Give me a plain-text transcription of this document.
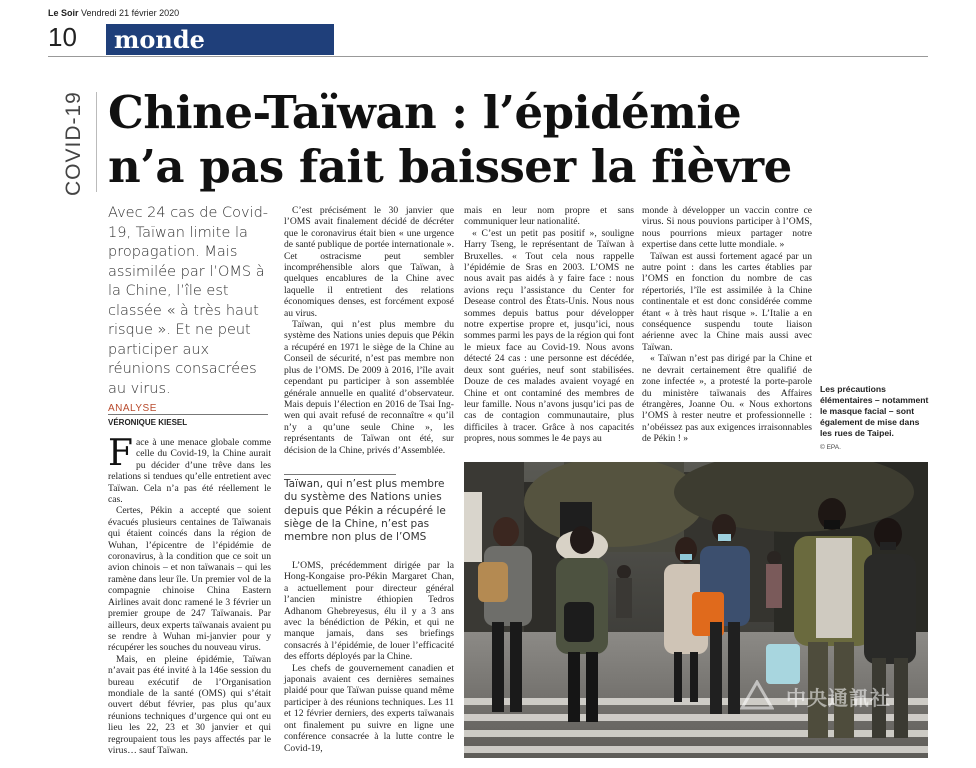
Le Soir Vendredi 21 février 2020
10	monde
COVID-19 Chine-Taïwan : l’épidémie
n’a pas fait baisser la fièvre
Avec 24 cas de Covid-19, Taïwan limite la propagation. Mais assimilée par l’OMS à la Chine, l’île est classée « à très haut risque ». Et ne peut participer aux réunions consacrées au virus.
ANALYSE
VÉRONIQUE KIESEL

Face à une menace globale comme celle du Covid-19, la Chine aurait pu décider d’une trêve dans les relations si tendues qu’elle entretient avec Taïwan. Cela n’a pas été réellement le cas.

Certes, Pékin a accepté que soient évacués plusieurs centaines de Taïwanais qui étaient coincés dans la région de Wuhan, l’épicentre de l’épidémie de coronavirus, à la condition que ce soit un avion chinois – et non taïwanais – qui les ramène dans leur île. Un premier vol de la compagnie chinoise China Eastern Airlines avait donc ramené le 3 février un premier groupe de 247 Taïwanais. Par ailleurs, deux experts taïwanais avaient pu se rendre à Wuhan mi-janvier pour y récupérer les souches du nouveau virus.

Mais, en pleine épidémie, Taïwan n’avait pas été invité à la 146e session du bureau exécutif de l’Organisation mondiale de la santé (OMS) qui s’était ouvert début février, pas plus qu’aux réunions techniques d’urgence qui ont eu lieu les 22, 23 et 30 janvier et qui regroupaient tous les pays affectés par le virus… sauf Taïwan.

C’est précisément le 30 janvier que l’OMS avait finalement décidé de décréter que le coronavirus était bien « une urgence de santé publique de portée internationale ». Cet ostracisme peut sembler incompréhensible alors que Taïwan, à quelques encablures de la Chine avec laquelle il entretient des relations économiques denses, est forcément exposé au virus.

Taïwan, qui n’est plus membre du système des Nations unies depuis que Pékin a récupéré en 1971 le siège de la Chine au Conseil de sécurité, n’est pas membre non plus de l’OMS. De 2009 à 2016, l’île avait cependant pu participer à son assemblée générale annuelle en qualité d’observateur. Mais depuis l’élection en 2016 de Tsai Ing-wen qui avait refusé de reconnaître « qu’il n’y a qu’une seule Chine », les représentants de Taïwan ont été, sur décision de la Chine, privés d’Assemblée.

Taïwan, qui n’est plus membre du système des Nations unies depuis que Pékin a récupéré le siège de la Chine, n’est pas membre non plus de l’OMS

L’OMS, précédemment dirigée par la Hong-Kongaise pro-Pékin Margaret Chan, a actuellement pour directeur général l’ancien ministre éthiopien Tedros Adhanom Ghebreyesus, élu il y a 3 ans avec la bénédiction de Pékin, et qui ne manque jamais, dans ses briefings consacrés à l’épidémie, de louer l’efficacité des efforts déployés par la Chine.

Les chefs de gouvernement canadien et japonais avaient ces dernières semaines plaidé pour que Taïwan puisse quand même participer à des réunions techniques. Les 11 et 12 février derniers, des experts taïwanais ont finalement pu suivre en ligne une conférence consacrée à la lutte contre le Covid-19,

mais en leur nom propre et sans communiquer leur nationalité.

« C’est un petit pas positif », souligne Harry Tseng, le représentant de Taïwan à Bruxelles. « Tout cela nous rappelle l’épidémie de Sras en 2003. L’OMS ne nous avait pas aidés à y faire face : nous avions reçu l’assistance du Center for Desease control des États-Unis. Nous nous sommes depuis battus pour développer notre expertise propre et, jusqu’ici, nous sommes parmi les pays de la région qui font le mieux face au Covid-19. Nous avons détecté 24 cas : une personne est décédée, deux sont guéries, neuf sont stabilisées. Douze de ces malades avaient voyagé en Chine et ont contaminé des membres de leur famille. Nous n’avons jusqu’ici pas de cas de contagion communautaire, plus difficiles à tracer. Grâce à nos capacités propres, nous sommes le 4e pays au

monde à développer un vaccin contre ce virus. Si nous pouvions participer à l’OMS, nous pourrions mieux partager notre expertise dans cette lutte mondiale. »

Taïwan est aussi fortement agacé par un autre point : dans les cartes établies par l’OMS en fonction du nombre de cas répertoriés, l’île est assimilée à la Chine continentale et est donc considérée comme étant « à très haut risque ». L’Italie a en conséquence suspendu toute liaison aérienne avec la Chine mais aussi avec Taïwan.

« Taïwan n’est pas dirigé par la Chine et ne devrait certainement être qualifié de zone infectée », a protesté la porte-parole du ministère taïwanais des Affaires étrangères, Joanne Ou. « Nous exhortons l’OMS à rester neutre et professionnelle : n’obéissez pas aux exigences irraisonnables de Pékin ! »

Les précautions élémentaires – notamment le masque facial – sont également de mise dans les rues de Taipei.
© EPA.
中央通訊社
